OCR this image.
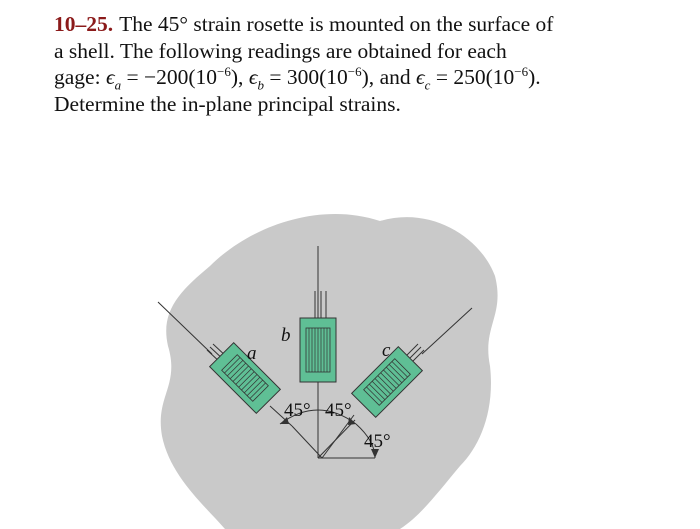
10–25. The 45° strain rosette is mounted on the surface of
a shell. The following readings are obtained for each
gage: $\epsilon_a = -200(10^{-6})$, $\epsilon_b = 300(10^{-6})$, and $\epsilon_c = 250(10^{-6})$.
Determine the in-plane principal strains.
a
b
c
45° 45°
45°
